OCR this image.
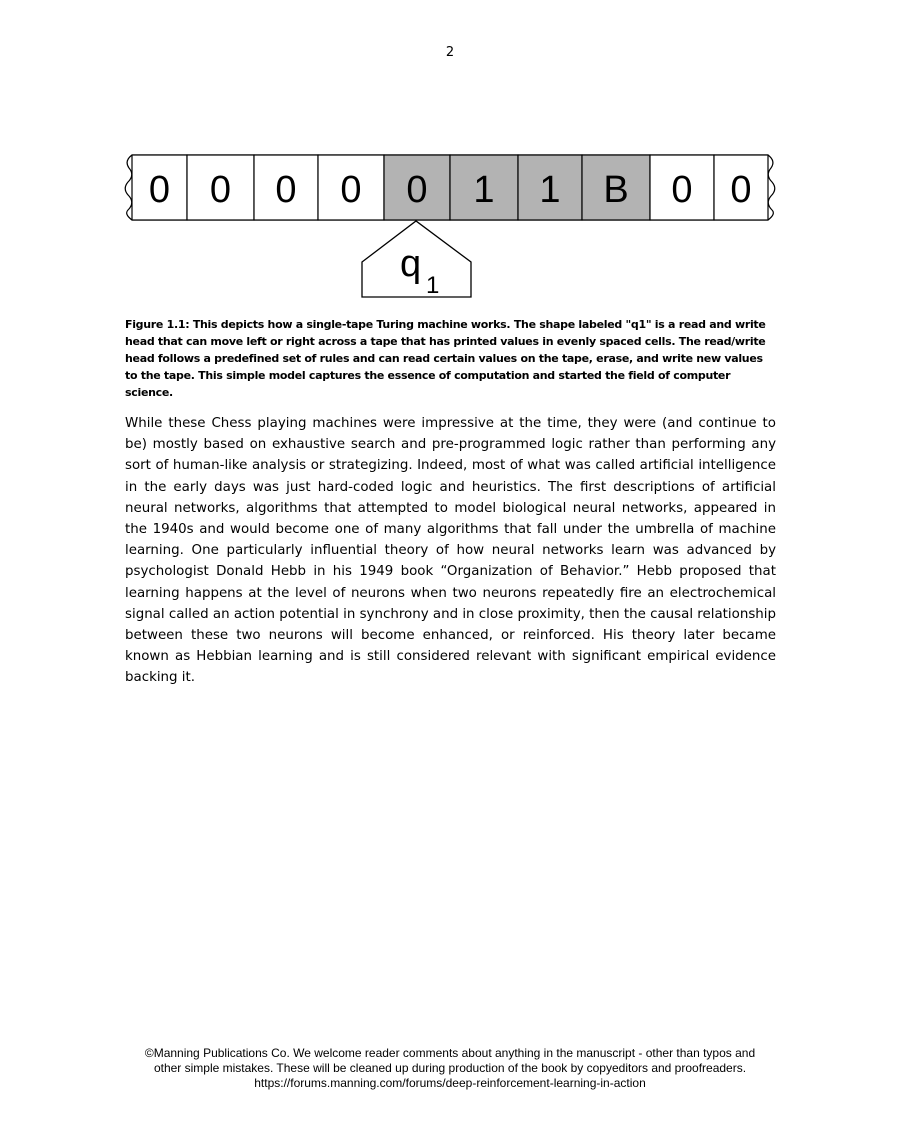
2
0 0 0 0 0 1 1 B 0 0
q
1
Figure 1.1: This depicts how a single-tape Turing machine works. The shape labeled "q1" is a read and write head that can move left or right across a tape that has printed values in evenly spaced cells. The read/write head follows a predefined set of rules and can read certain values on the tape, erase, and write new values to the tape. This simple model captures the essence of computation and started the field of computer science.

While these Chess playing machines were impressive at the time, they were (and continue to be) mostly based on exhaustive search and pre-programmed logic rather than performing any sort of human-like analysis or strategizing. Indeed, most of what was called artificial intelligence in the early days was just hard-coded logic and heuristics. The first descriptions of artificial neural networks, algorithms that attempted to model biological neural networks, appeared in the 1940s and would become one of many algorithms that fall under the umbrella of machine learning. One particularly influential theory of how neural networks learn was advanced by psychologist Donald Hebb in his 1949 book “Organization of Behavior.” Hebb proposed that learning happens at the level of neurons when two neurons repeatedly fire an electrochemical signal called an action potential in synchrony and in close proximity, then the causal relationship between these two neurons will become enhanced, or reinforced. His theory later became known as Hebbian learning and is still considered relevant with significant empirical evidence backing it.

©Manning Publications Co. We welcome reader comments about anything in the manuscript - other than typos and
other simple mistakes. These will be cleaned up during production of the book by copyeditors and proofreaders.
https://forums.manning.com/forums/deep-reinforcement-learning-in-action
